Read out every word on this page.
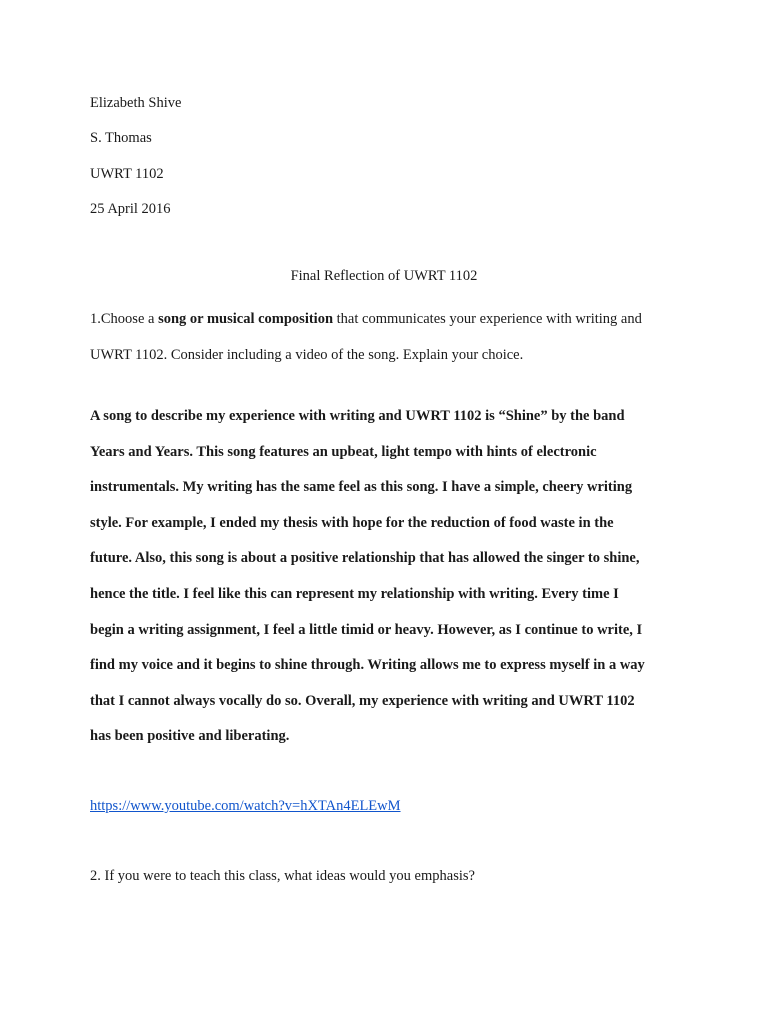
Elizabeth Shive
S. Thomas
UWRT 1102
25 April 2016
Final Reflection of UWRT 1102
1.Choose a song or musical composition that communicates your experience with writing and
UWRT 1102. Consider including a video of the song. Explain your choice.
A song to describe my experience with writing and UWRT 1102 is “Shine” by the band
Years and Years. This song features an upbeat, light tempo with hints of electronic
instrumentals. My writing has the same feel as this song. I have a simple, cheery writing
style. For example, I ended my thesis with hope for the reduction of food waste in the
future. Also, this song is about a positive relationship that has allowed the singer to shine,
hence the title. I feel like this can represent my relationship with writing. Every time I
begin a writing assignment, I feel a little timid or heavy. However, as I continue to write, I
find my voice and it begins to shine through. Writing allows me to express myself in a way
that I cannot always vocally do so. Overall, my experience with writing and UWRT 1102
has been positive and liberating.
https://www.youtube.com/watch?v=hXTAn4ELEwM
2. If you were to teach this class, what ideas would you emphasis?
